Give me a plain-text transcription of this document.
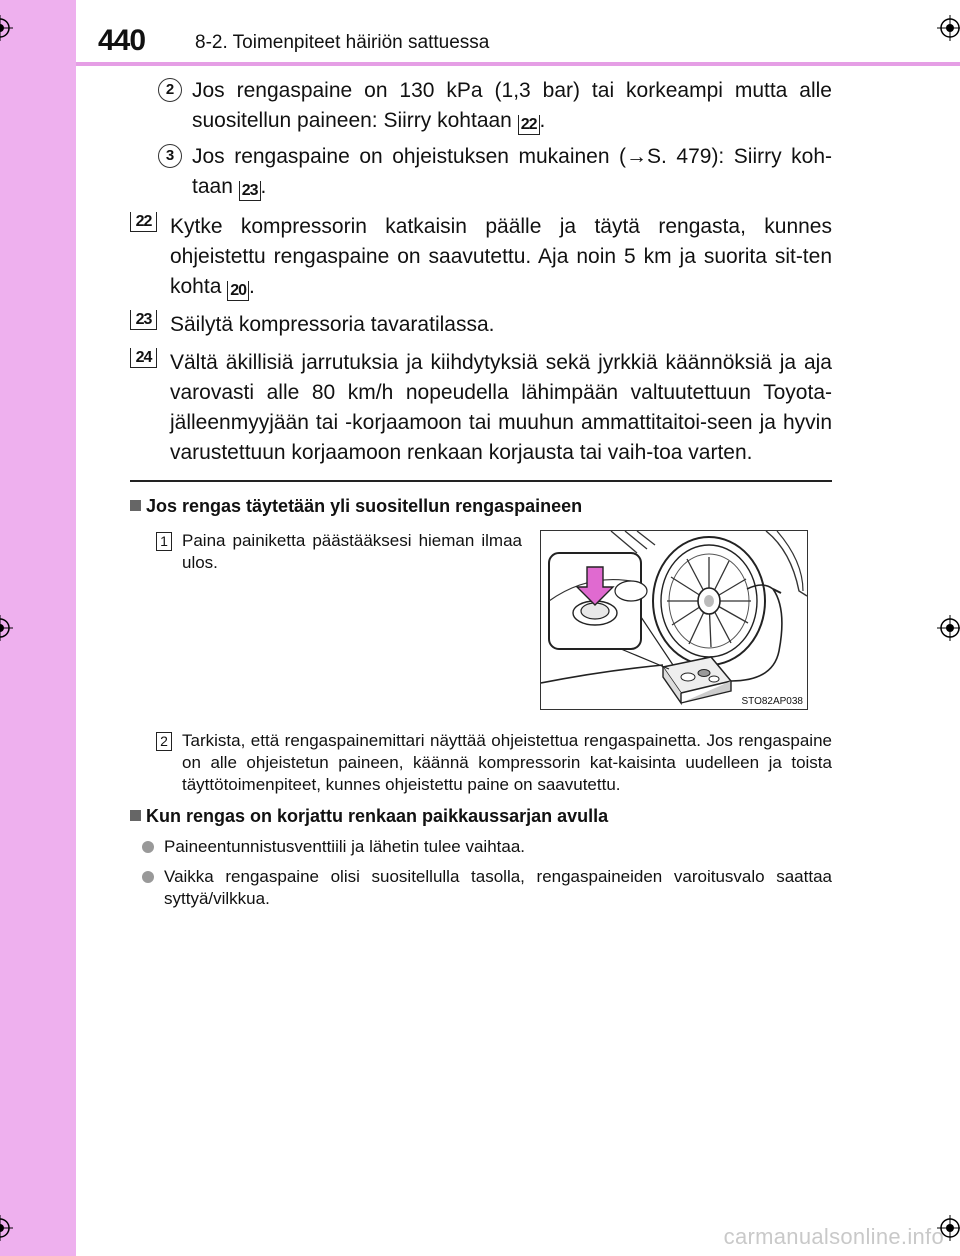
440	8-2. Toimenpiteet häiriön sattuessa
2 Jos rengaspaine on 130 kPa (1,3 bar) tai korkeampi mutta alle suositellun paineen: Siirry kohtaan 22 .
3 Jos rengaspaine on ohjeistuksen mukainen (→S. 479): Siirry koh-taan 23 .
22 Kytke kompressorin katkaisin päälle ja täytä rengasta, kunnes ohjeistettu rengaspaine on saavutettu. Aja noin 5 km ja suorita sit-ten kohta 20 .
23 Säilytä kompressoria tavaratilassa.
24 Vältä äkillisiä jarrutuksia ja kiihdytyksiä sekä jyrkkiä käännöksiä ja aja varovasti alle 80 km/h nopeudella lähimpään valtuutettuun Toyota-jälleenmyyjään tai -korjaamoon tai muuhun ammattitaitoi-seen ja hyvin varustettuun korjaamoon renkaan korjausta tai vaih-toa varten.
Jos rengas täytetään yli suositellun rengaspaineen
1 Paina painiketta päästääksesi hieman ilmaa ulos.
STO82AP038
2 Tarkista, että rengaspainemittari näyttää ohjeistettua rengaspainetta. Jos rengaspaine on alle ohjeistetun paineen, käännä kompressorin kat-kaisinta uudelleen ja toista täyttötoimenpiteet, kunnes ohjeistettu paine on saavutettu.
Kun rengas on korjattu renkaan paikkaussarjan avulla
Paineentunnistusventtiili ja lähetin tulee vaihtaa.
Vaikka rengaspaine olisi suositellulla tasolla, rengaspaineiden varoitusvalo saattaa syttyä/vilkkua.
carmanualsonline.info
